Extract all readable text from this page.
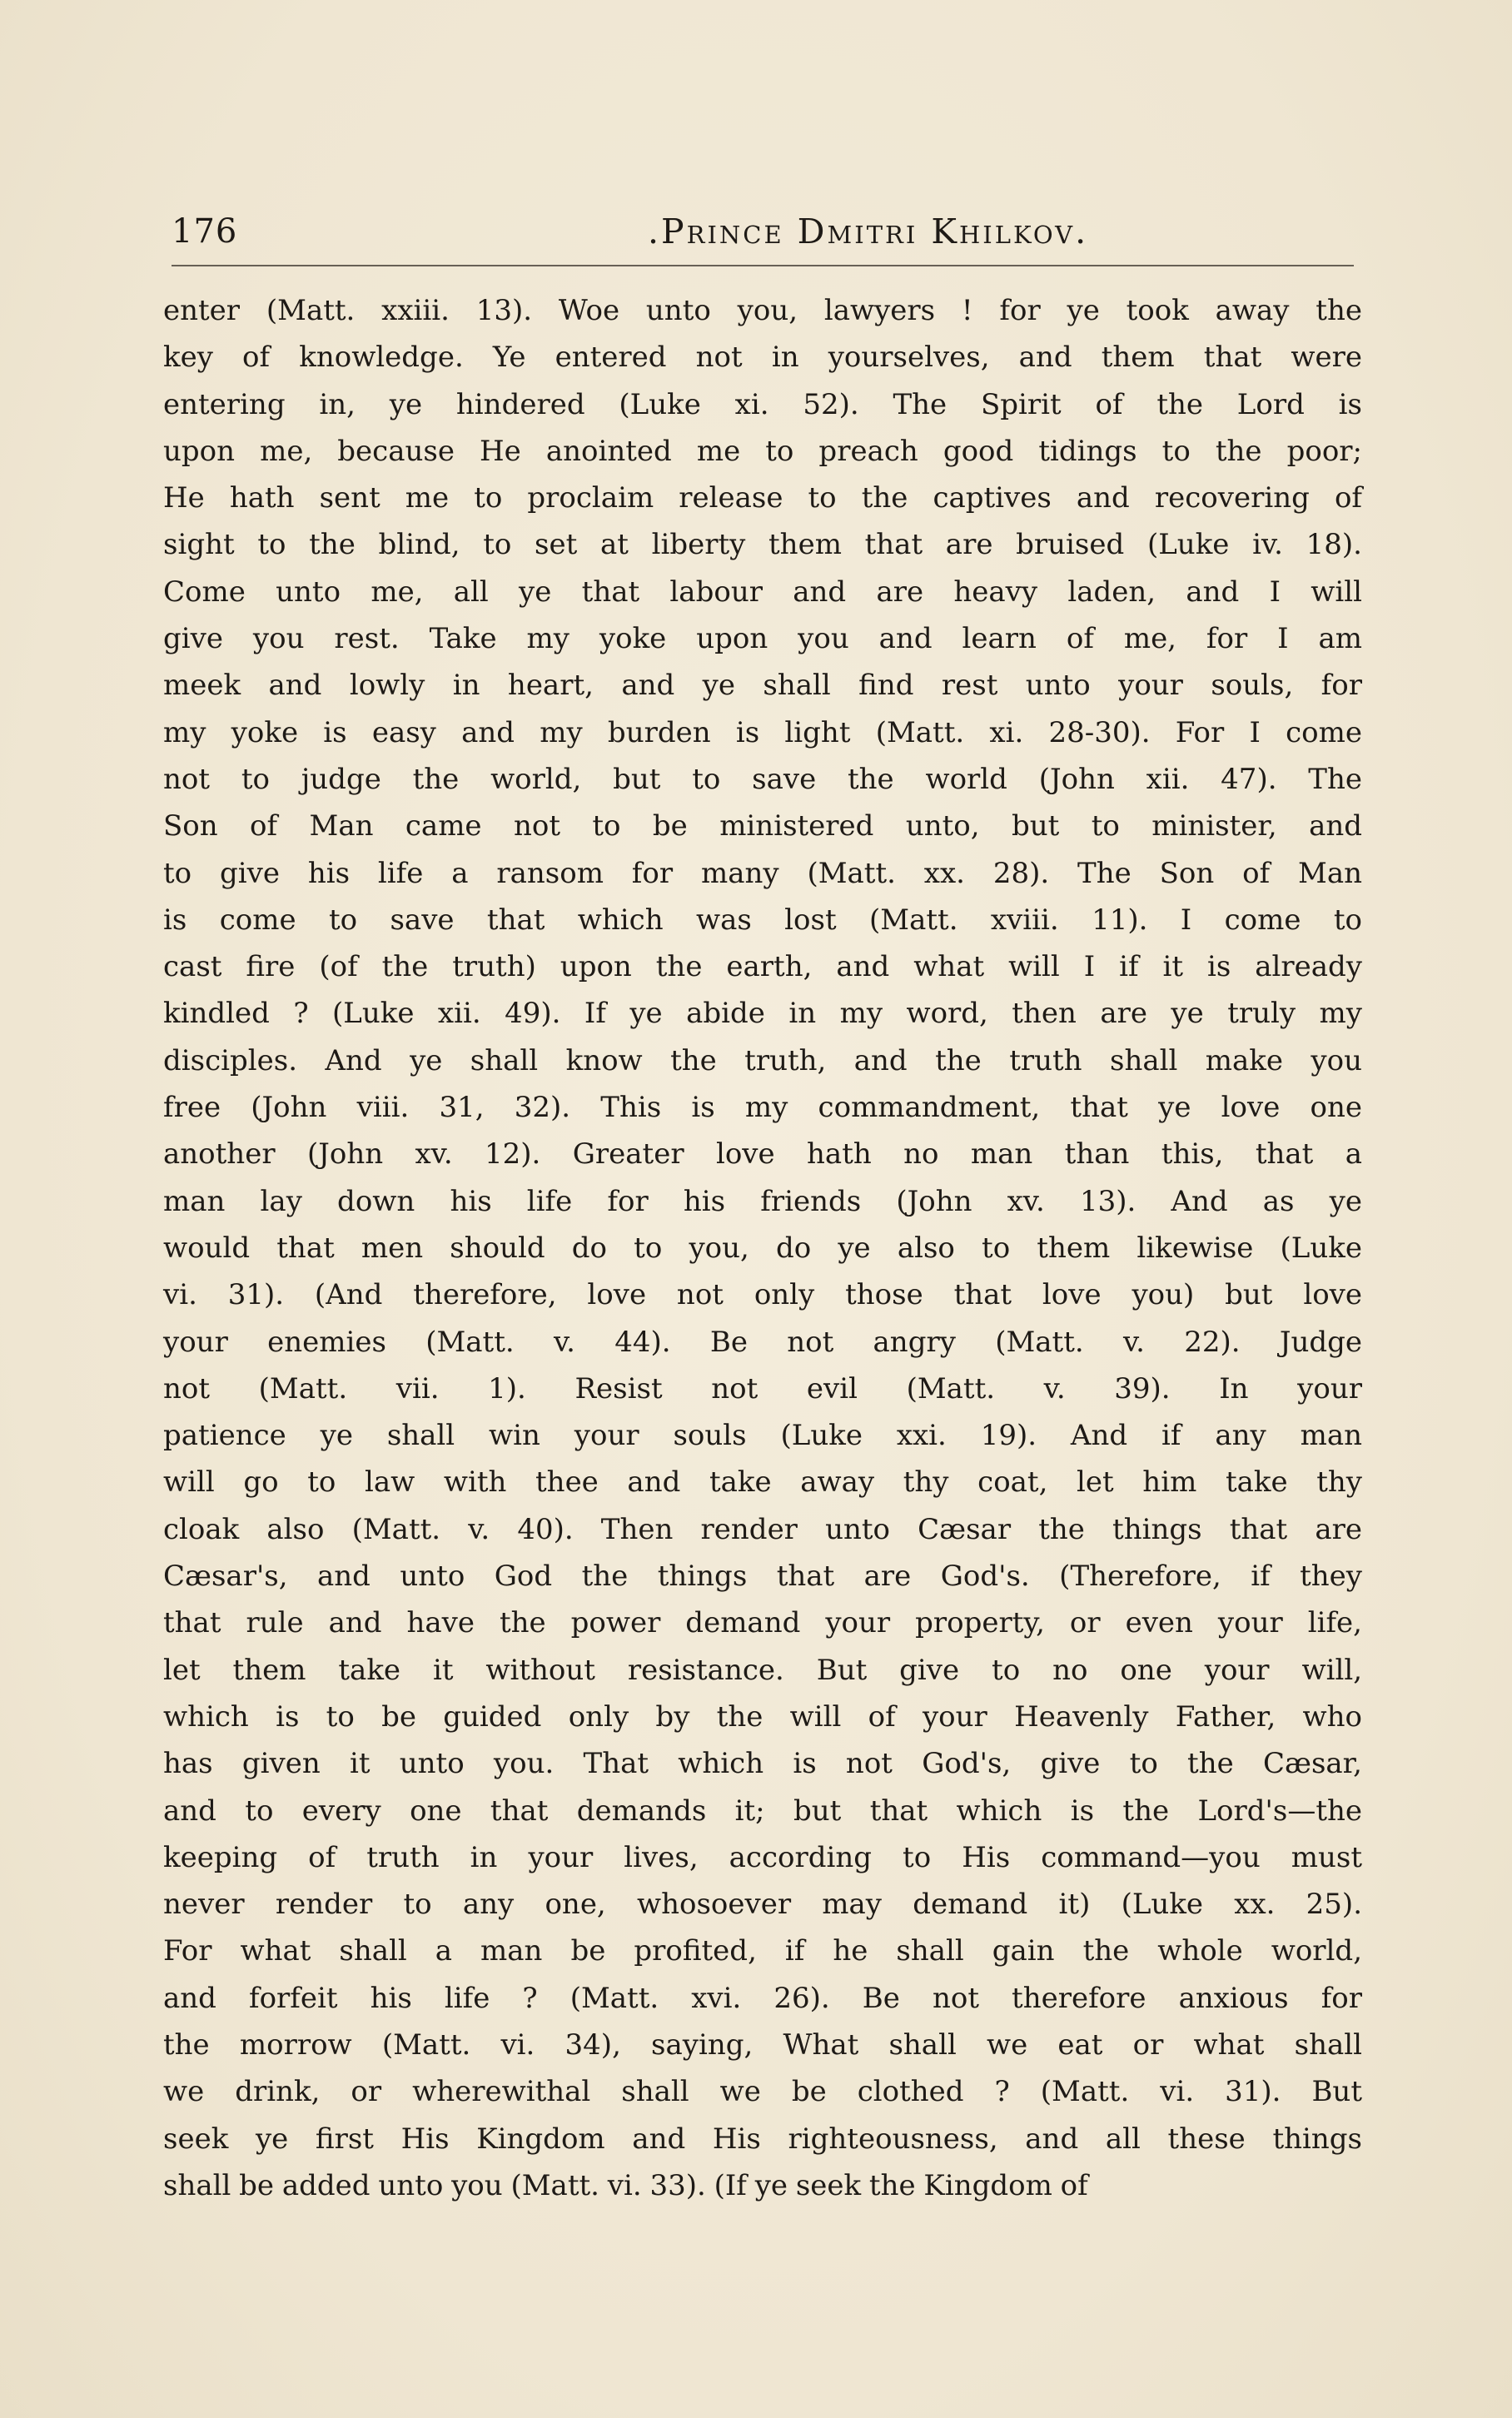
176	.Prince Dmitri Khilkov.
enter (Matt. xxiii. 13). Woe unto you, lawyers ! for ye took away the
key of knowledge. Ye entered not in yourselves, and them that were
entering in, ye hindered (Luke xi. 52). The Spirit of the Lord is
upon me, because He anointed me to preach good tidings to the poor;
He hath sent me to proclaim release to the captives and recovering of
sight to the blind, to set at liberty them that are bruised (Luke iv. 18).
Come unto me, all ye that labour and are heavy laden, and I will
give you rest. Take my yoke upon you and learn of me, for I am
meek and lowly in heart, and ye shall find rest unto your souls, for
my yoke is easy and my burden is light (Matt. xi. 28-30). For I come
not to judge the world, but to save the world (John xii. 47). The
Son of Man came not to be ministered unto, but to minister, and
to give his life a ransom for many (Matt. xx. 28). The Son of Man
is come to save that which was lost (Matt. xviii. 11). I come to
cast fire (of the truth) upon the earth, and what will I if it is already
kindled ? (Luke xii. 49). If ye abide in my word, then are ye truly my
disciples. And ye shall know the truth, and the truth shall make you
free (John viii. 31, 32). This is my commandment, that ye love one
another (John xv. 12). Greater love hath no man than this, that a
man lay down his life for his friends (John xv. 13). And as ye
would that men should do to you, do ye also to them likewise (Luke
vi. 31). (And therefore, love not only those that love you) but love
your enemies (Matt. v. 44). Be not angry (Matt. v. 22). Judge
not (Matt. vii. 1). Resist not evil (Matt. v. 39). In your
patience ye shall win your souls (Luke xxi. 19). And if any man
will go to law with thee and take away thy coat, let him take thy
cloak also (Matt. v. 40). Then render unto Cæsar the things that are
Cæsar's, and unto God the things that are God's. (Therefore, if they
that rule and have the power demand your property, or even your life,
let them take it without resistance. But give to no one your will,
which is to be guided only by the will of your Heavenly Father, who
has given it unto you. That which is not God's, give to the Cæsar,
and to every one that demands it; but that which is the Lord's—the
keeping of truth in your lives, according to His command—you must
never render to any one, whosoever may demand it) (Luke xx. 25).
For what shall a man be profited, if he shall gain the whole world,
and forfeit his life ? (Matt. xvi. 26). Be not therefore anxious for
the morrow (Matt. vi. 34), saying, What shall we eat or what shall
we drink, or wherewithal shall we be clothed ? (Matt. vi. 31). But
seek ye first His Kingdom and His righteousness, and all these things
shall be added unto you (Matt. vi. 33). (If ye seek the Kingdom of
